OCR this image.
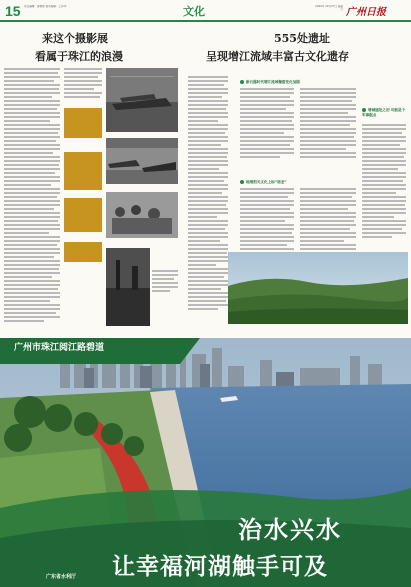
15 责任编辑：唐艳艳 美术编辑：王泽华	文化	2024年 10月27日 星期日 广州日报
来这个摄影展
看属于珠江的浪漫
555处遗址
呈现增江流域丰富古文化遗存
新石器时代增江流域聚落变化加剧
地理相关文化上标“南亚”
增城遗址之初 可能是个军事据点
广州市珠江阅江路碧道
治水兴水
让幸福河湖触手可及
广东省水利厅
